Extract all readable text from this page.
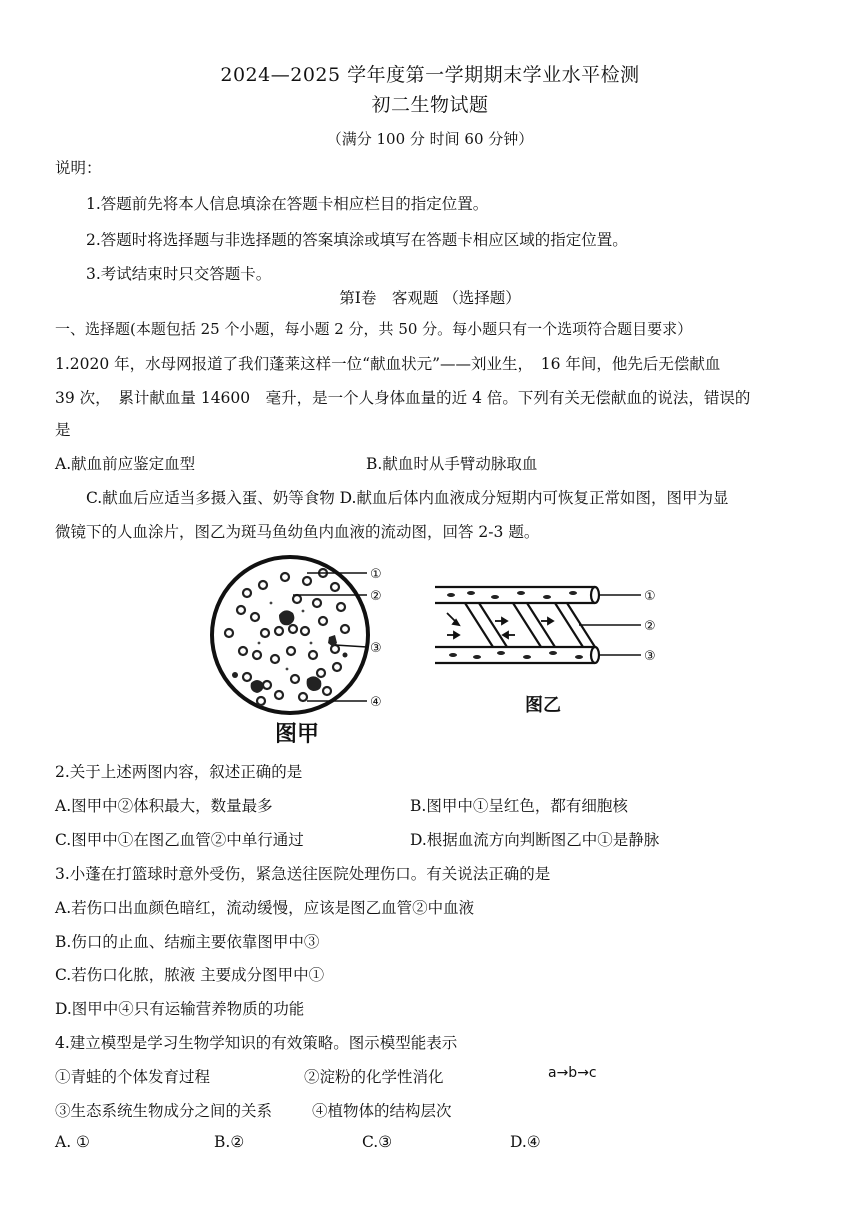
2024—2025 学年度第一学期期末学业水平检测
初二生物试题
（满分 100 分 时间 60 分钟）
说明：
1.答题前先将本人信息填涂在答题卡相应栏目的指定位置。
2.答题时将选择题与非选择题的答案填涂或填写在答题卡相应区域的指定位置。
3.考试结束时只交答题卡。
第Ⅰ卷　客观题 （选择题）
一、选择题(本题包括 25 个小题，每小题 2 分，共 50 分。每小题只有一个选项符合题目要求）
1.2020 年，水母网报道了我们蓬莱这样一位“献血状元”——刘业生，　16 年间，他先后无偿献血
39 次，　累计献血量 14600　毫升，是一个人身体血量的近 4 倍。下列有关无偿献血的说法，错误的
是
A.献血前应鉴定血型	B.献血时从手臂动脉取血
C.献血后应适当多摄入蛋、奶等食物 D.献血后体内血液成分短期内可恢复正常如图，图甲为显
微镜下的人血涂片，图乙为斑马鱼幼鱼内血液的流动图，回答 2-3 题。
①
②
③
④
图甲
①
②
③
图乙
2.关于上述两图内容，叙述正确的是
A.图甲中②体积最大，数量最多	B.图甲中①呈红色，都有细胞核
C.图甲中①在图乙血管②中单行通过	D.根据血流方向判断图乙中①是静脉
3.小蓬在打篮球时意外受伤，紧急送往医院处理伤口。有关说法正确的是
A.若伤口出血颜色暗红，流动缓慢，应该是图乙血管②中血液
B.伤口的止血、结痂主要依靠图甲中③
C.若伤口化脓，脓液 主要成分图甲中①
D.图甲中④只有运输营养物质的功能
4.建立模型是学习生物学知识的有效策略。图示模型能表示
①青蛙的个体发育过程	②淀粉的化学性消化	a→b→c
③生态系统生物成分之间的关系	④植物体的结构层次
A. ①	B.②	C.③	D.④
